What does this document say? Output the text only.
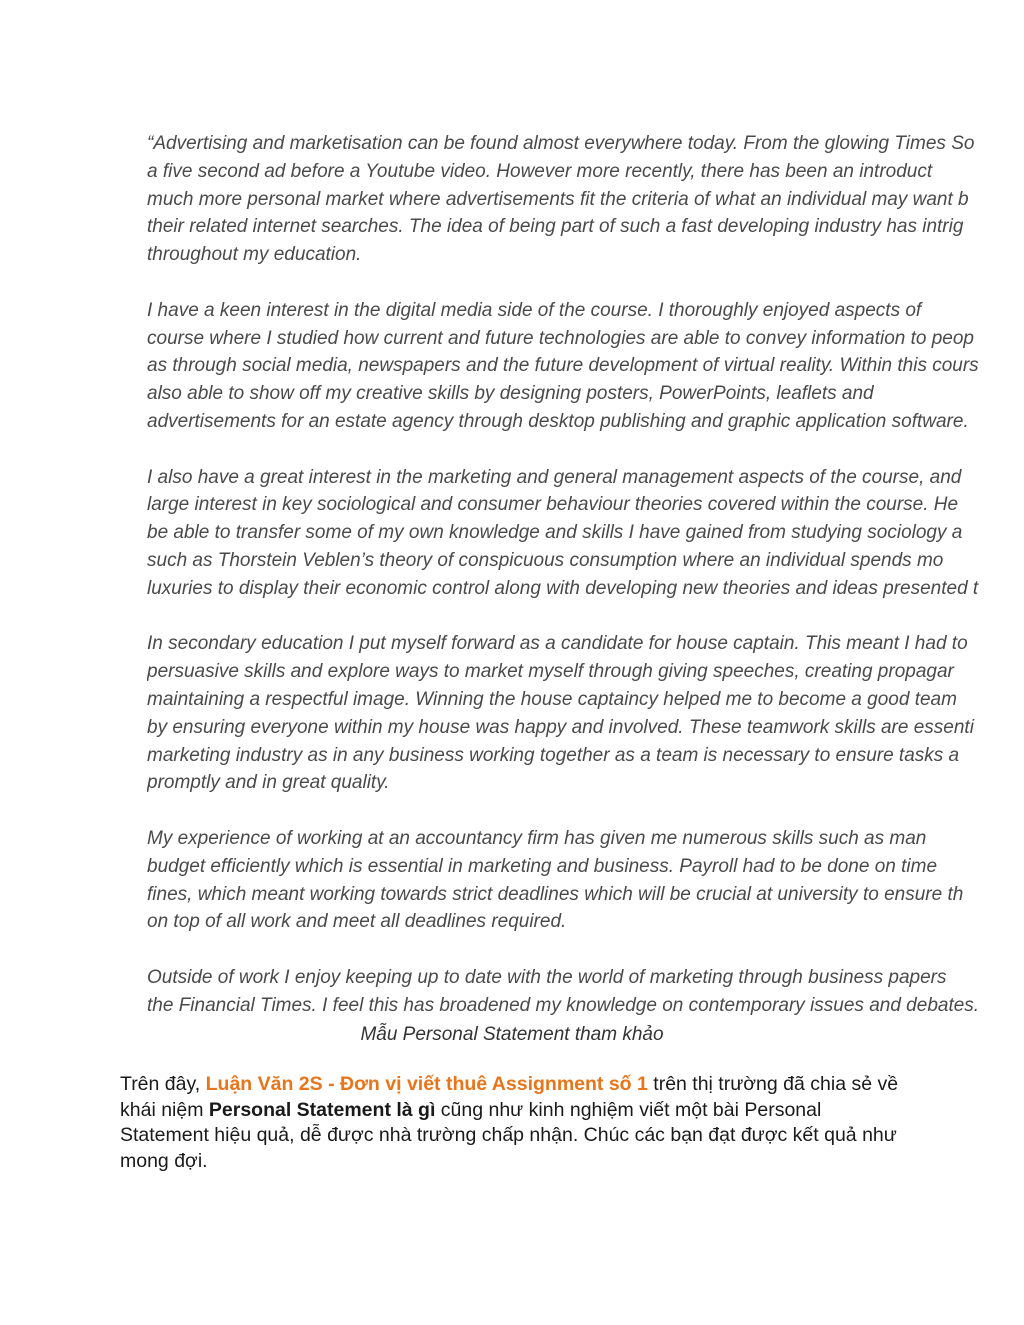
“Advertising and marketisation can be found almost everywhere today. From the glowing Times So
a five second ad before a Youtube video. However more recently, there has been an introduct
much more personal market where advertisements fit the criteria of what an individual may want b
their related internet searches. The idea of being part of such a fast developing industry has intrig
throughout my education.

I have a keen interest in the digital media side of the course. I thoroughly enjoyed aspects of
course where I studied how current and future technologies are able to convey information to peop
as through social media, newspapers and the future development of virtual reality. Within this cours
also able to show off my creative skills by designing posters, PowerPoints, leaflets and
advertisements for an estate agency through desktop publishing and graphic application software.

I also have a great interest in the marketing and general management aspects of the course, and
large interest in key sociological and consumer behaviour theories covered within the course. He
be able to transfer some of my own knowledge and skills I have gained from studying sociology a
such as Thorstein Veblen’s theory of conspicuous consumption where an individual spends mo
luxuries to display their economic control along with developing new theories and ideas presented t

In secondary education I put myself forward as a candidate for house captain. This meant I had to
persuasive skills and explore ways to market myself through giving speeches, creating propagar
maintaining a respectful image. Winning the house captaincy helped me to become a good team
by ensuring everyone within my house was happy and involved. These teamwork skills are essenti
marketing industry as in any business working together as a team is necessary to ensure tasks a
promptly and in great quality.

My experience of working at an accountancy firm has given me numerous skills such as man
budget efficiently which is essential in marketing and business. Payroll had to be done on time
fines, which meant working towards strict deadlines which will be crucial at university to ensure th
on top of all work and meet all deadlines required.

Outside of work I enjoy keeping up to date with the world of marketing through business papers
the Financial Times. I feel this has broadened my knowledge on contemporary issues and debates.

Mẫu Personal Statement tham khảo
Trên đây, Luận Văn 2S - Đơn vị viết thuê Assignment số 1 trên thị trường đã chia sẻ về khái niệm Personal Statement là gì cũng như kinh nghiệm viết một bài Personal Statement hiệu quả, dễ được nhà trường chấp nhận. Chúc các bạn đạt được kết quả như mong đợi.
